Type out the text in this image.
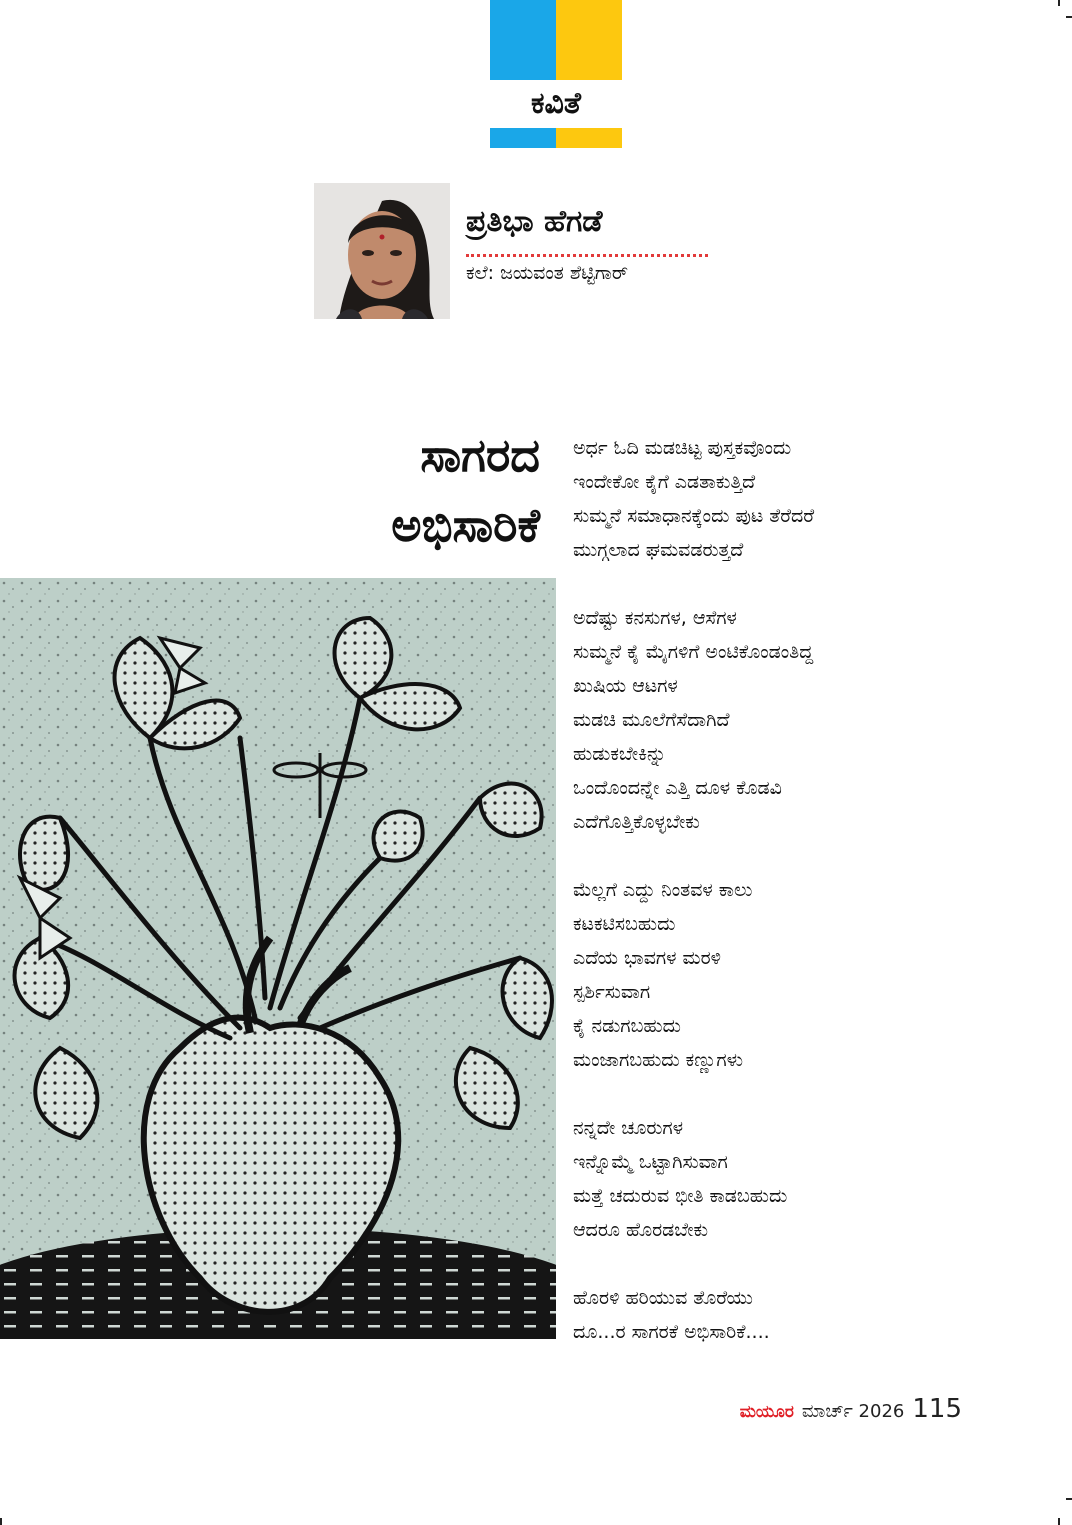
ಕವಿತೆ
ಪ್ರತಿಭಾ ಹೆಗಡೆ
ಕಲೆ: ಜಯವಂತ ಶೆಟ್ಟಿಗಾರ್
ಸಾಗರದ
ಅಭಿಸಾರಿಕೆ
ಅರ್ಧ ಓದಿ ಮಡಚಿಟ್ಟ ಪುಸ್ತಕವೊಂದು
ಇಂದೇಕೋ ಕೈಗೆ ಎಡತಾಕುತ್ತಿದೆ
ಸುಮ್ಮನೆ ಸಮಾಧಾನಕ್ಕೆಂದು ಪುಟ ತೆರೆದರೆ
ಮುಗ್ಗಲಾದ ಘಮವಡರುತ್ತದೆ
ಅದೆಷ್ಟು ಕನಸುಗಳ, ಆಸೆಗಳ
ಸುಮ್ಮನೆ ಕೈ ಮೈಗಳಿಗೆ ಅಂಟಿಕೊಂಡಂತಿದ್ದ
ಖುಷಿಯ ಆಟಗಳ
ಮಡಚಿ ಮೂಲೆಗೆಸೆದಾಗಿದೆ
ಹುಡುಕಬೇಕಿನ್ನು
ಒಂದೊಂದನ್ನೇ ಎತ್ತಿ ದೂಳ ಕೊಡವಿ
ಎದೆಗೊತ್ತಿಕೊಳ್ಳಬೇಕು
ಮೆಲ್ಲಗೆ ಎದ್ದು ನಿಂತವಳ ಕಾಲು
ಕಟಕಟಿಸಬಹುದು
ಎದೆಯ ಭಾವಗಳ ಮರಳಿ
ಸ್ಪರ್ಶಿಸುವಾಗ
ಕೈ ನಡುಗಬಹುದು
ಮಂಜಾಗಬಹುದು ಕಣ್ಣುಗಳು
ನನ್ನದೇ ಚೂರುಗಳ
ಇನ್ನೊಮ್ಮೆ ಒಟ್ಟಾಗಿಸುವಾಗ
ಮತ್ತೆ ಚದುರುವ ಭೀತಿ ಕಾಡಬಹುದು
ಆದರೂ ಹೊರಡಬೇಕು
ಹೊರಳಿ ಹರಿಯುವ ತೊರೆಯು
ದೂ...ರ ಸಾಗರಕೆ ಅಭಿಸಾರಿಕೆ....
ಮಯೂರ ಮಾರ್ಚ್ 2026 115
